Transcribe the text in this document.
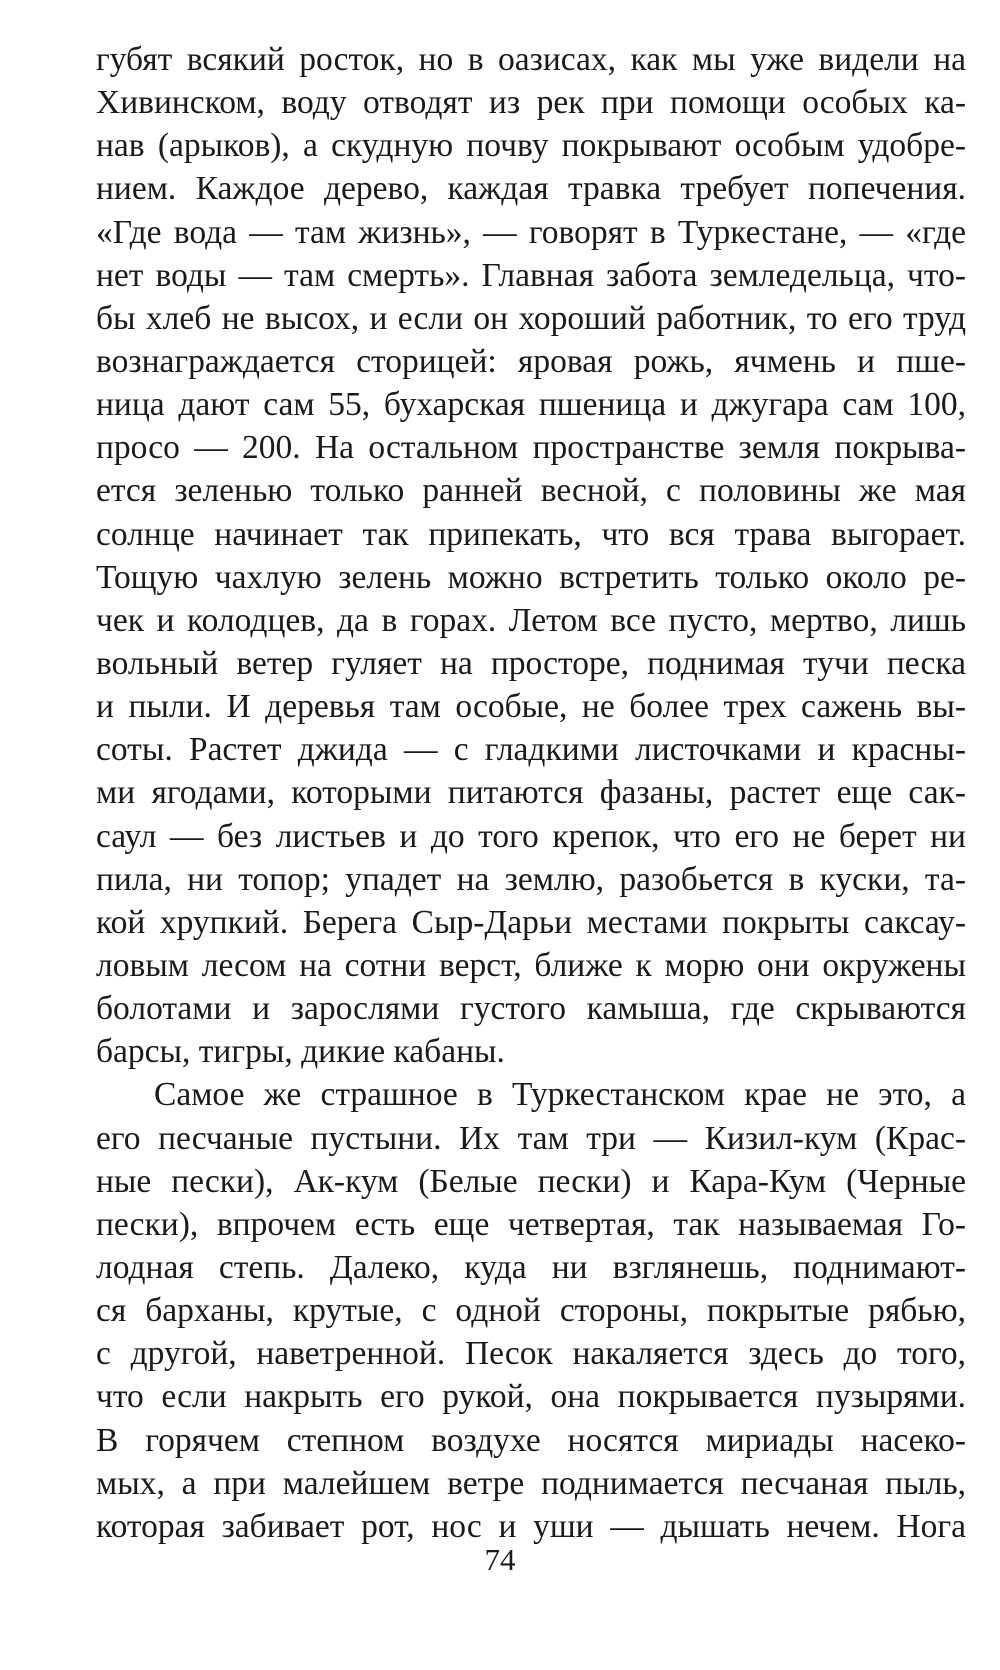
губят всякий росток, но в оазисах, как мы уже видели на
Хивинском, воду отводят из рек при помощи особых ка-
нав (арыков), а скудную почву покрывают особым удобре-
нием. Каждое дерево, каждая травка требует попечения.
«Где вода — там жизнь», — говорят в Туркестане, — «где
нет воды — там смерть». Главная забота земледельца, что-
бы хлеб не высох, и если он хороший работник, то его труд
вознаграждается сторицей: яровая рожь, ячмень и пше-
ница дают сам 55, бухарская пшеница и джугара сам 100,
просо — 200. На остальном пространстве земля покрыва-
ется зеленью только ранней весной, с половины же мая
солнце начинает так припекать, что вся трава выгорает.
Тощую чахлую зелень можно встретить только около ре-
чек и колодцев, да в горах. Летом все пусто, мертво, лишь
вольный ветер гуляет на просторе, поднимая тучи песка
и пыли. И деревья там особые, не более трех сажень вы-
соты. Растет джида — с гладкими листочками и красны-
ми ягодами, которыми питаются фазаны, растет еще сак-
саул — без листьев и до того крепок, что его не берет ни
пила, ни топор; упадет на землю, разобьется в куски, та-
кой хрупкий. Берега Сыр-Дарьи местами покрыты саксау-
ловым лесом на сотни верст, ближе к морю они окружены
болотами и зарослями густого камыша, где скрываются
барсы, тигры, дикие кабаны.
Самое же страшное в Туркестанском крае не это, а
его песчаные пустыни. Их там три — Кизил-кум (Крас-
ные пески), Ак-кум (Белые пески) и Кара-Кум (Черные
пески), впрочем есть еще четвертая, так называемая Го-
лодная степь. Далеко, куда ни взглянешь, поднимают-
ся барханы, крутые, с одной стороны, покрытые рябью,
с другой, наветренной. Песок накаляется здесь до того,
что если накрыть его рукой, она покрывается пузырями.
В горячем степном воздухе носятся мириады насеко-
мых, а при малейшем ветре поднимается песчаная пыль,
которая забивает рот, нос и уши — дышать нечем. Нога
74
